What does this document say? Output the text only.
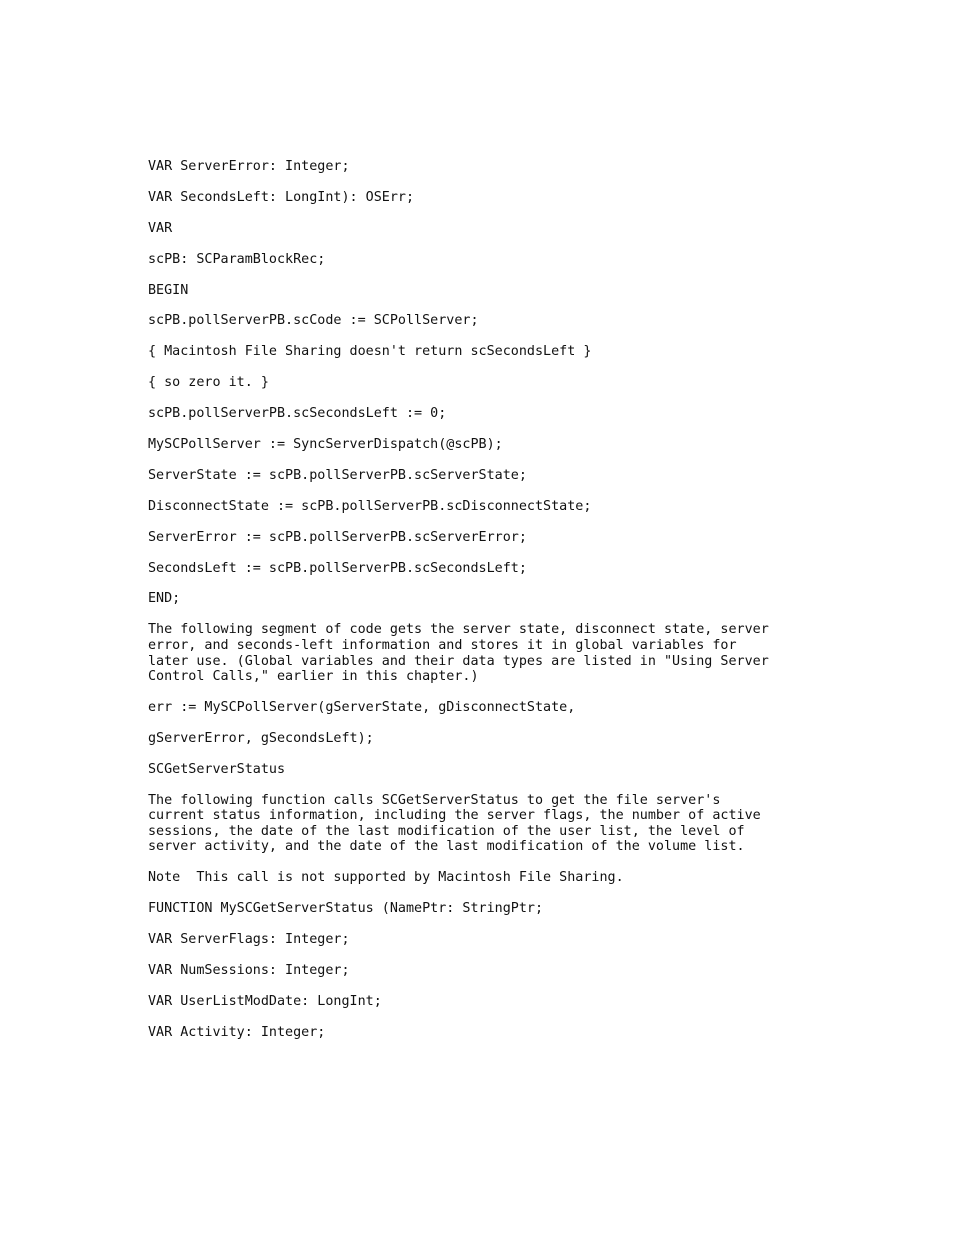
VAR ServerError: Integer;
VAR SecondsLeft: LongInt): OSErr;
VAR
scPB: SCParamBlockRec;
BEGIN
scPB.pollServerPB.scCode := SCPollServer;
{ Macintosh File Sharing doesn't return scSecondsLeft }
{ so zero it. }
scPB.pollServerPB.scSecondsLeft := 0;
MySCPollServer := SyncServerDispatch(@scPB);
ServerState := scPB.pollServerPB.scServerState;
DisconnectState := scPB.pollServerPB.scDisconnectState;
ServerError := scPB.pollServerPB.scServerError;
SecondsLeft := scPB.pollServerPB.scSecondsLeft;
END;
The following segment of code gets the server state, disconnect state, server
error, and seconds-left information and stores it in global variables for
later use. (Global variables and their data types are listed in "Using Server
Control Calls," earlier in this chapter.)
err := MySCPollServer(gServerState, gDisconnectState,
gServerError, gSecondsLeft);
SCGetServerStatus
The following function calls SCGetServerStatus to get the file server's
current status information, including the server flags, the number of active
sessions, the date of the last modification of the user list, the level of
server activity, and the date of the last modification of the volume list.
Note  This call is not supported by Macintosh File Sharing.
FUNCTION MySCGetServerStatus (NamePtr: StringPtr;
VAR ServerFlags: Integer;
VAR NumSessions: Integer;
VAR UserListModDate: LongInt;
VAR Activity: Integer;
